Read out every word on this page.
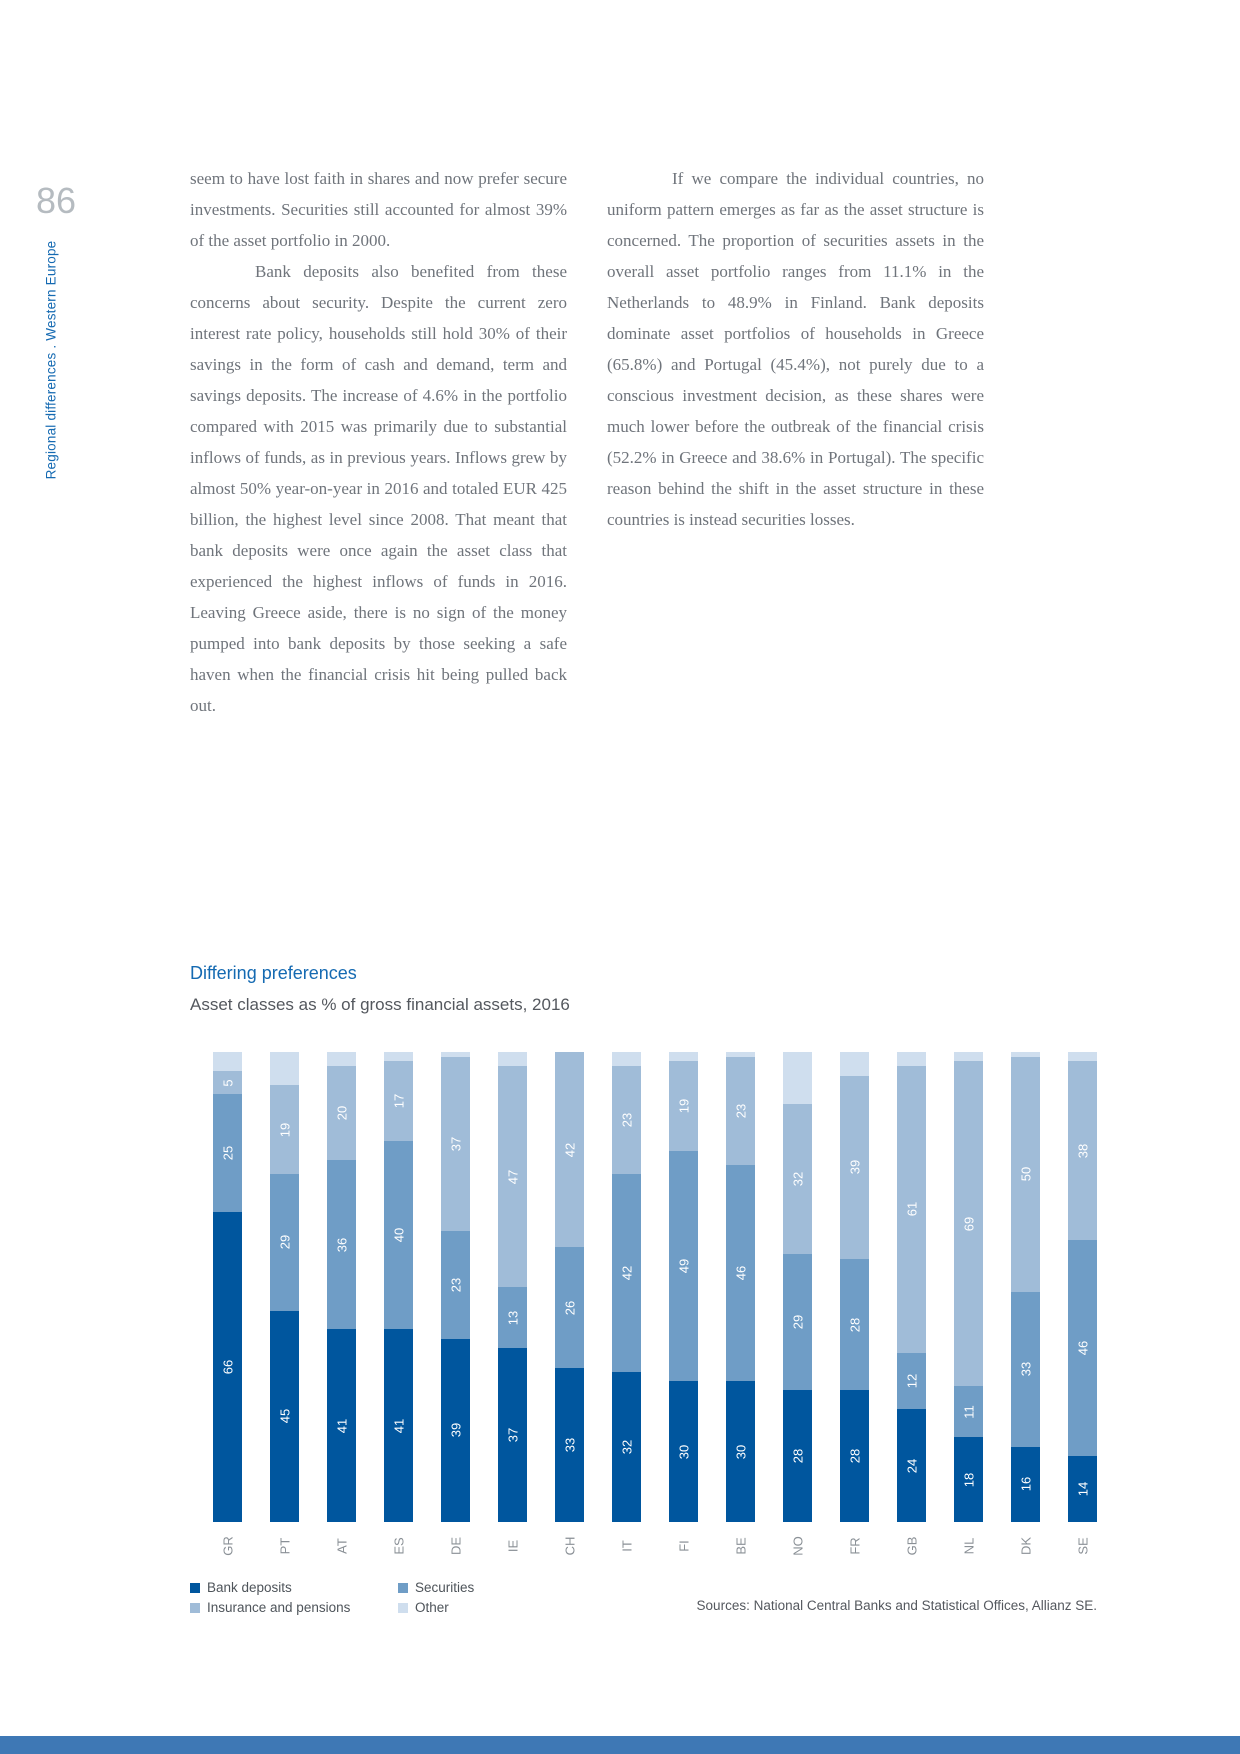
86
Regional differences . Western Europe

seem to have lost faith in shares and now prefer secure investments. Securities still accounted for almost 39% of the asset portfolio in 2000.

Bank deposits also benefited from these concerns about security. Despite the current zero interest rate policy, households still hold 30% of their savings in the form of cash and demand, term and savings deposits. The increase of 4.6% in the portfolio compared with 2015 was primarily due to substantial inflows of funds, as in previous years. Inflows grew by almost 50% year-on-year in 2016 and totaled EUR 425 billion, the highest level since 2008. That meant that bank deposits were once again the asset class that experienced the highest inflows of funds in 2016. Leaving Greece aside, there is no sign of the money pumped into bank deposits by those seeking a safe haven when the financial crisis hit being pulled back out.

If we compare the individual countries, no uniform pattern emerges as far as the asset structure is concerned. The proportion of securities assets in the overall asset portfolio ranges from 11.1% in the Netherlands to 48.9% in Finland. Bank deposits dominate asset portfolios of households in Greece (65.8%) and Portugal (45.4%), not purely due to a conscious investment decision, as these shares were much lower before the outbreak of the financial crisis (52.2% in Greece and 38.6% in Portugal). The specific reason behind the shift in the asset structure in these countries is instead securities losses.

Differing preferences
Asset classes as % of gross financial assets, 2016
66
25
5
45
29
19
41
36
20
41
40
17
39
23
37
37
13
47
33
26
42
32
42
23
30
49
19
30
46
23
28
29
32
28
28
39
24
12
61
18
11
69
16
33
50
14
46
38
GR	PT	AT	ES	DE	IE	CH	IT	FI	BE	NO	FR	GB	NL	DK	SE
Bank deposits	Securities
Insurance and pensions	Other	Sources: National Central Banks and Statistical Offices, Allianz SE.
